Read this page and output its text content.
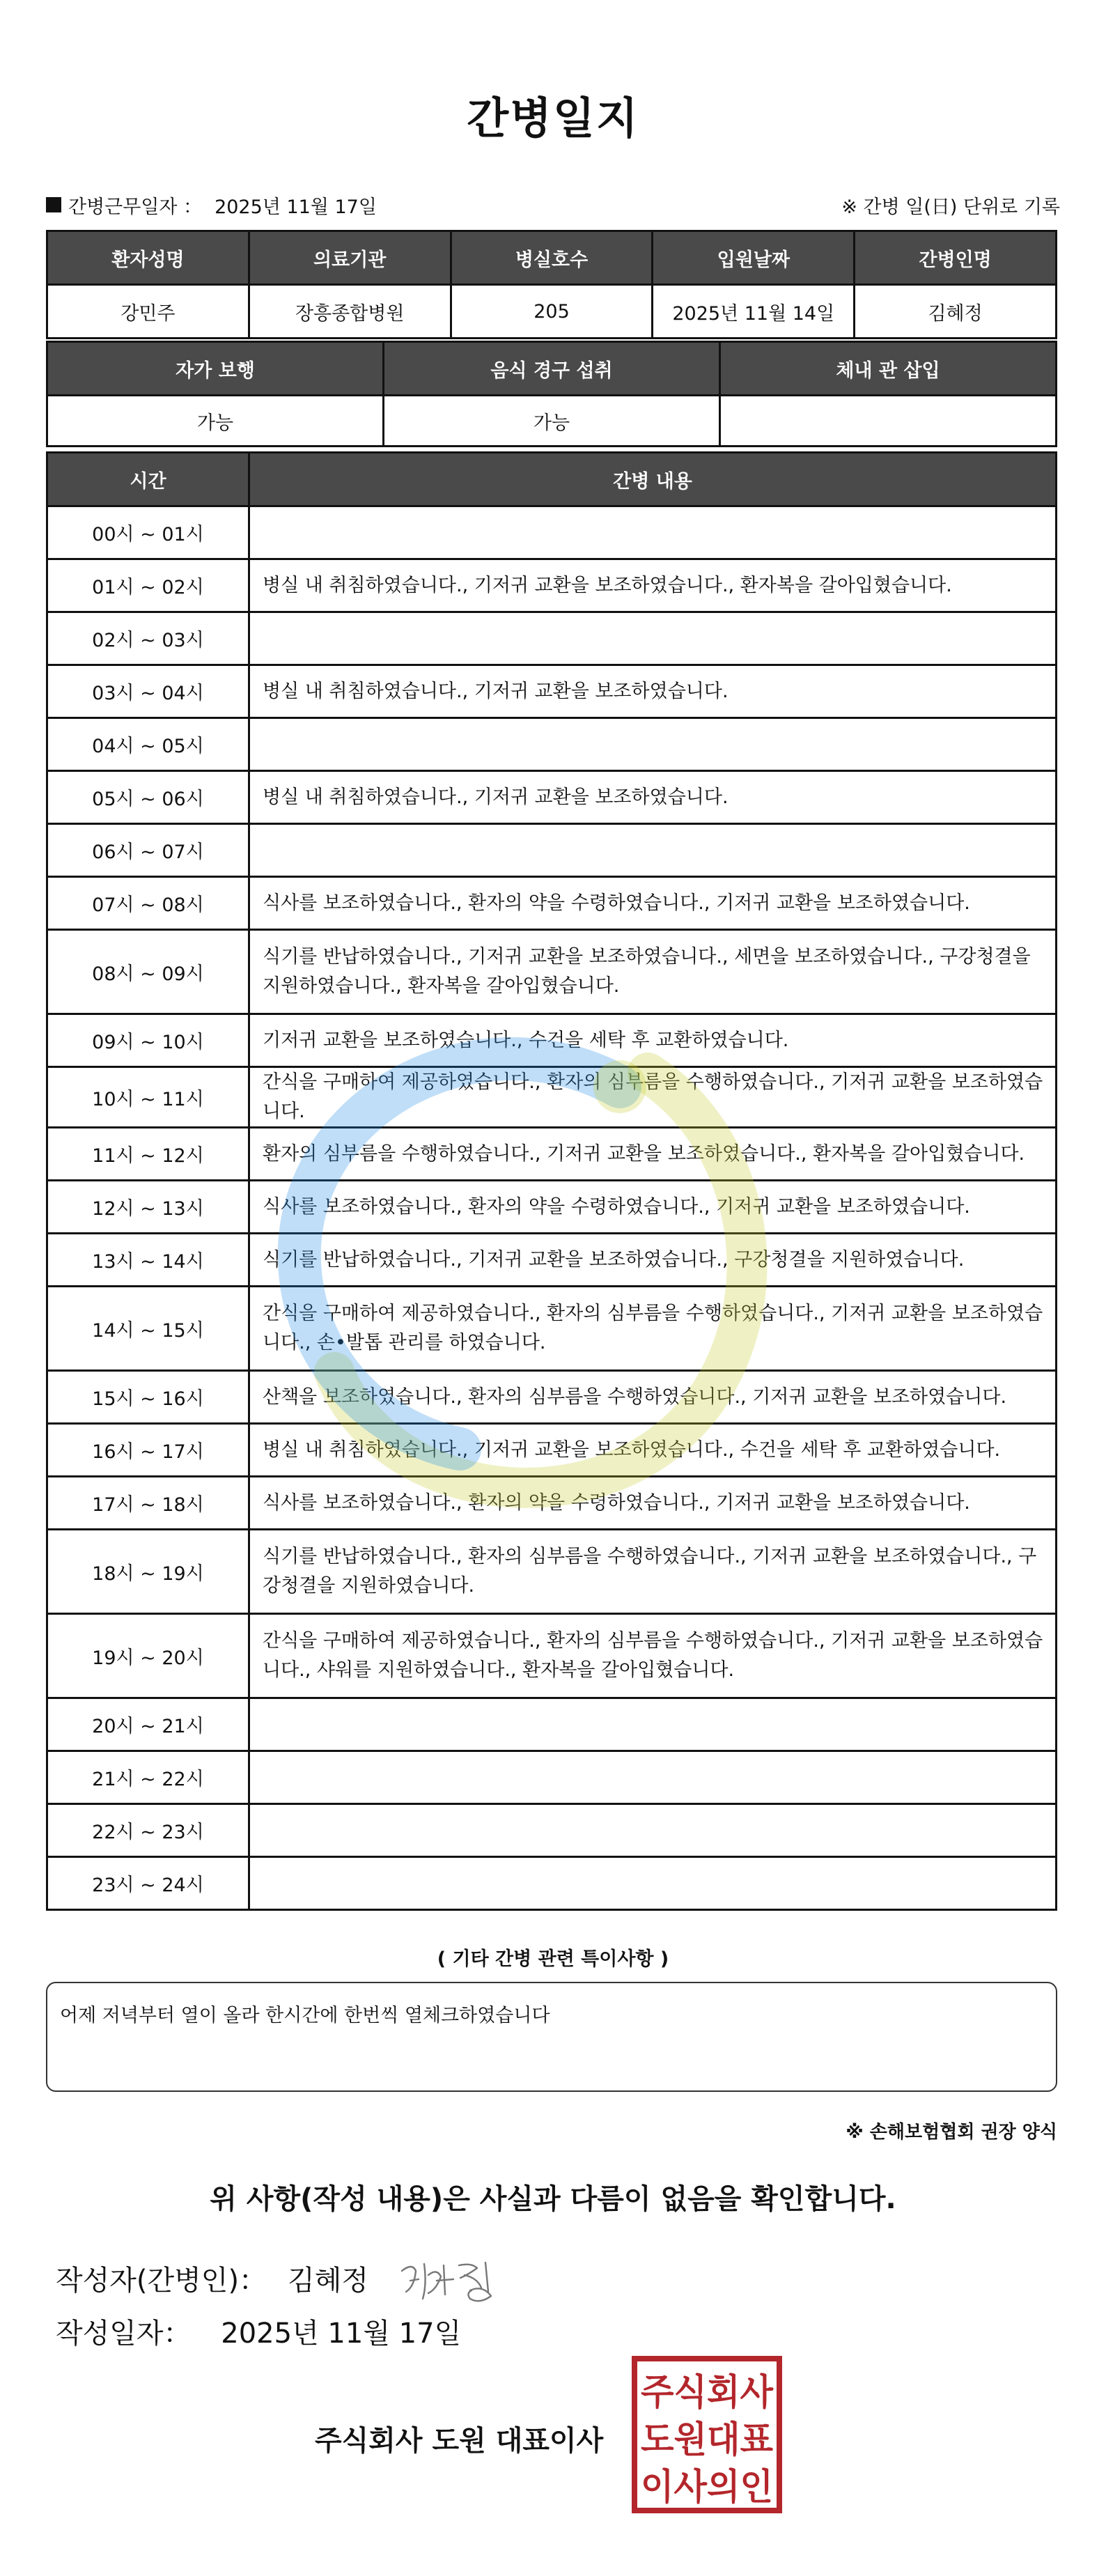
간병일지
간병근무일자 ： 2025년 11월 17일	※ 간병 일(日) 단위로 기록
환자성명	의료기관	병실호수	입원날짜	간병인명
강민주	장흥종합병원	205	2025년 11월 14일	김혜정
자가 보행	음식 경구 섭취	체내 관 삽입
가능	가능	
시간	간병 내용
00시 ~ 01시	
01시 ~ 02시	병실 내 취침하였습니다., 기저귀 교환을 보조하였습니다., 환자복을 갈아입혔습니다.
02시 ~ 03시	
03시 ~ 04시	병실 내 취침하였습니다., 기저귀 교환을 보조하였습니다.
04시 ~ 05시	
05시 ~ 06시	병실 내 취침하였습니다., 기저귀 교환을 보조하였습니다.
06시 ~ 07시	
07시 ~ 08시	식사를 보조하였습니다., 환자의 약을 수령하였습니다., 기저귀 교환을 보조하였습니다.
08시 ~ 09시	식기를 반납하였습니다., 기저귀 교환을 보조하였습니다., 세면을 보조하였습니다., 구강청결을 지원하였습니다., 환자복을 갈아입혔습니다.
09시 ~ 10시	기저귀 교환을 보조하였습니다., 수건을 세탁 후 교환하였습니다.
10시 ~ 11시	간식을 구매하여 제공하였습니다., 환자의 심부름을 수행하였습니다., 기저귀 교환을 보조하였습니다.
11시 ~ 12시	환자의 심부름을 수행하였습니다., 기저귀 교환을 보조하였습니다., 환자복을 갈아입혔습니다.
12시 ~ 13시	식사를 보조하였습니다., 환자의 약을 수령하였습니다., 기저귀 교환을 보조하였습니다.
13시 ~ 14시	식기를 반납하였습니다., 기저귀 교환을 보조하였습니다., 구강청결을 지원하였습니다.
14시 ~ 15시	간식을 구매하여 제공하였습니다., 환자의 심부름을 수행하였습니다., 기저귀 교환을 보조하였습니다., 손•발톱 관리를 하였습니다.
15시 ~ 16시	산책을 보조하였습니다., 환자의 심부름을 수행하였습니다., 기저귀 교환을 보조하였습니다.
16시 ~ 17시	병실 내 취침하였습니다., 기저귀 교환을 보조하였습니다., 수건을 세탁 후 교환하였습니다.
17시 ~ 18시	식사를 보조하였습니다., 환자의 약을 수령하였습니다., 기저귀 교환을 보조하였습니다.
18시 ~ 19시	식기를 반납하였습니다., 환자의 심부름을 수행하였습니다., 기저귀 교환을 보조하였습니다., 구강청결을 지원하였습니다.
19시 ~ 20시	간식을 구매하여 제공하였습니다., 환자의 심부름을 수행하였습니다., 기저귀 교환을 보조하였습니다., 샤워를 지원하였습니다., 환자복을 갈아입혔습니다.
20시 ~ 21시	
21시 ~ 22시	
22시 ~ 23시	
23시 ~ 24시	
( 기타 간병 관련 특이사항 )
어제 저녁부터 열이 올라 한시간에 한번씩 열체크하였습니다
※ 손해보험협회 권장 양식
위 사항(작성 내용)은 사실과 다름이 없음을 확인합니다.
작성자(간병인)： 김혜정
작성일자： 2025년 11월 17일
주식회사 도원 대표이사
주식회사
도원대표
이사의인
